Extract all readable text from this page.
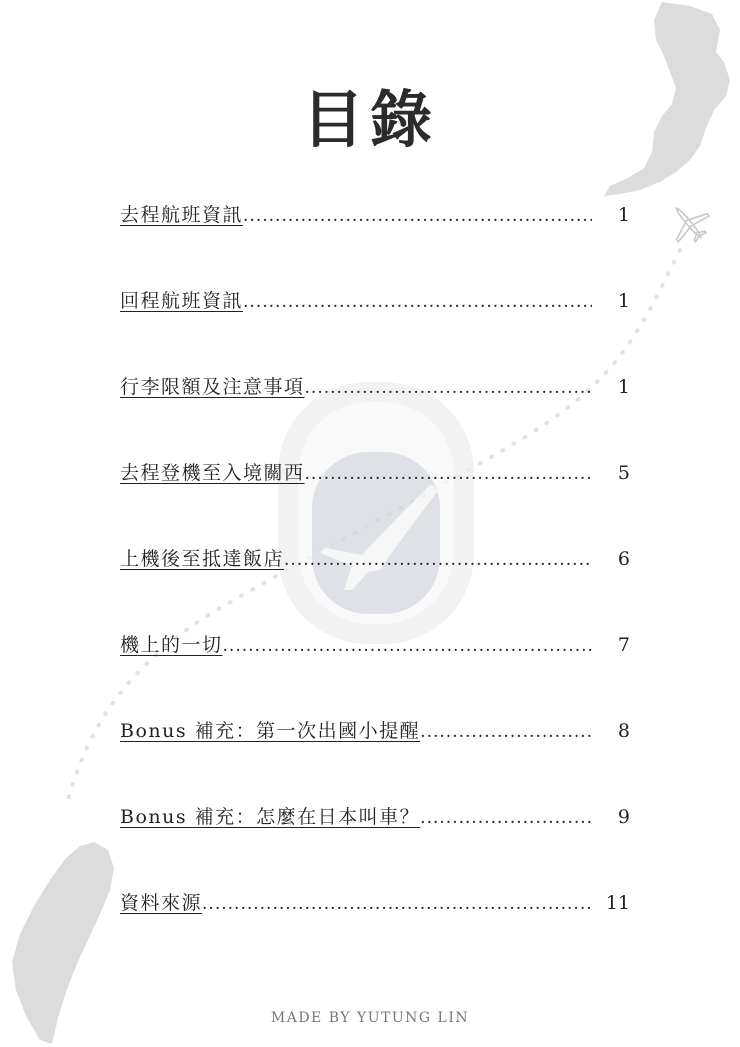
目錄
去程航班資訊 .....	1
回程航班資訊 .....	1
行李限額及注意事項 .....	1
去程登機至入境關西 .....	5
上機後至抵達飯店 .....	6
機上的一切 .....	7
Bonus 補充：第一次出國小提醒 .....	8
Bonus 補充：怎麼在日本叫車？ .....	9
資料來源 .....	11
MADE BY YUTUNG LIN
